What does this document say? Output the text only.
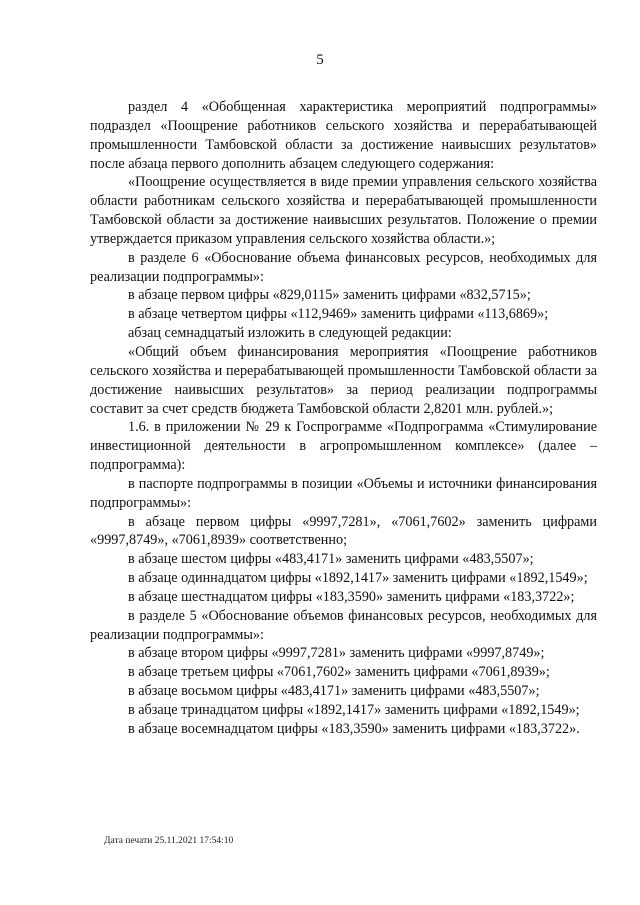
5

раздел 4 «Обобщенная характеристика мероприятий подпрограммы» подраздел «Поощрение работников сельского хозяйства и перерабатывающей промышленности Тамбовской области за достижение наивысших результатов» после абзаца первого дополнить абзацем следующего содержания:

«Поощрение осуществляется в виде премии управления сельского хозяйства области работникам сельского хозяйства и перерабатывающей промышленности Тамбовской области за достижение наивысших результатов. Положение о премии утверждается приказом управления сельского хозяйства области.»;

в разделе 6 «Обоснование объема финансовых ресурсов, необходимых для реализации подпрограммы»:

в абзаце первом цифры «829,0115» заменить цифрами «832,5715»;

в абзаце четвертом цифры «112,9469» заменить цифрами «113,6869»;

абзац семнадцатый изложить в следующей редакции:

«Общий объем финансирования мероприятия «Поощрение работников сельского хозяйства и перерабатывающей промышленности Тамбовской области за достижение наивысших результатов» за период реализации подпрограммы составит за счет средств бюджета Тамбовской области 2,8201 млн. рублей.»;

1.6. в приложении № 29 к Госпрограмме «Подпрограмма «Стимулирование инвестиционной деятельности в агропромышленном комплексе» (далее – подпрограмма):

в паспорте подпрограммы в позиции «Объемы и источники финансирования подпрограммы»:

в абзаце первом цифры «9997,7281», «7061,7602» заменить цифрами «9997,8749», «7061,8939» соответственно;

в абзаце шестом цифры «483,4171» заменить цифрами «483,5507»;

в абзаце одиннадцатом цифры «1892,1417» заменить цифрами «1892,1549»;

в абзаце шестнадцатом цифры «183,3590» заменить цифрами «183,3722»;

в разделе 5 «Обоснование объемов финансовых ресурсов, необходимых для реализации подпрограммы»:

в абзаце втором цифры «9997,7281» заменить цифрами «9997,8749»;

в абзаце третьем цифры «7061,7602» заменить цифрами «7061,8939»;

в абзаце восьмом цифры «483,4171» заменить цифрами «483,5507»;

в абзаце тринадцатом цифры «1892,1417» заменить цифрами «1892,1549»;

в абзаце восемнадцатом цифры «183,3590» заменить цифрами «183,3722».

Дата печати 25.11.2021 17:54:10
